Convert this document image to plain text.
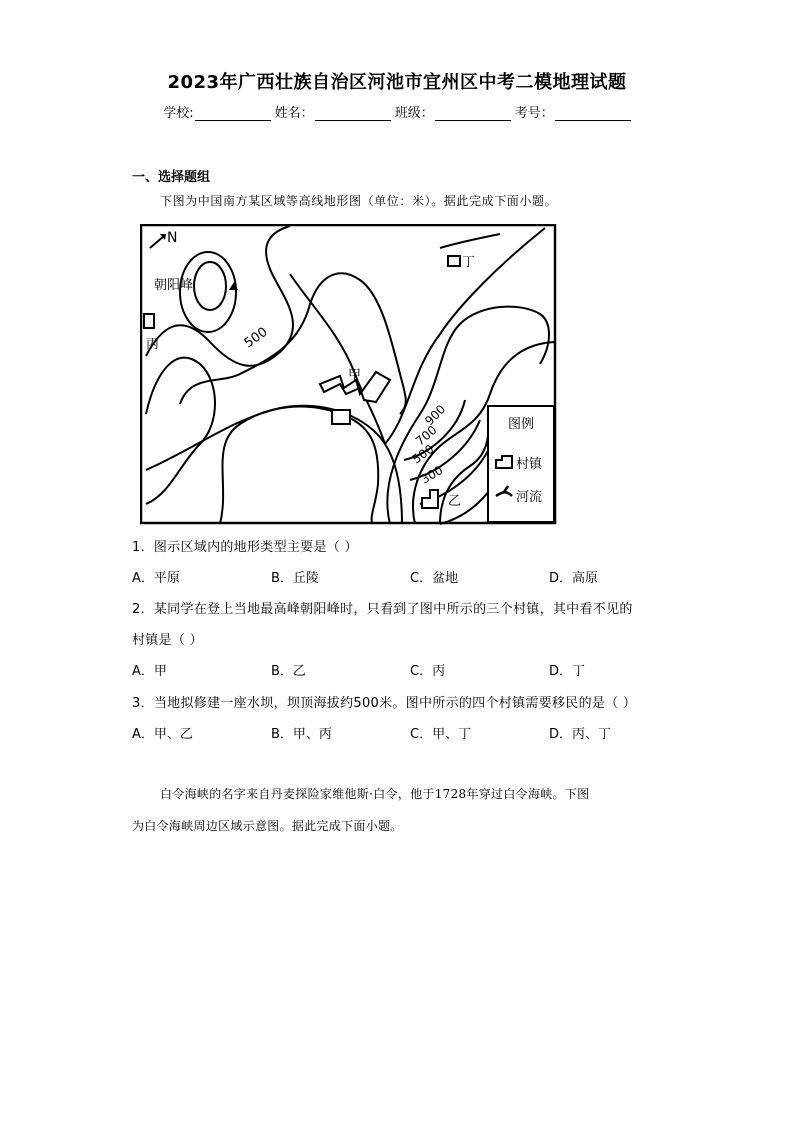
2023年广西壮族自治区河池市宜州区中考二模地理试题
学校:	姓名：	班级：	考号：
一、选择题组
下图为中国南方某区域等高线地形图（单位：米）。据此完成下面小题。
N
朝阳峰
丙
丁
甲
乙
500
900
700
500
300
图例
村镇
河流
1．图示区域内的地形类型主要是（ ）
A．平原	B．丘陵	C．盆地	D．高原
2．某同学在登上当地最高峰朝阳峰时，只看到了图中所示的三个村镇，其中看不见的
村镇是（ ）
A．甲	B．乙	C．丙	D．丁
3．当地拟修建一座水坝，坝顶海拔约500米。图中所示的四个村镇需要移民的是（ ）
A．甲、乙	B．甲、丙	C．甲、丁	D．丙、丁
白令海峡的名字来自丹麦探险家维他斯·白令，他于1728年穿过白令海峡。下图
为白令海峡周边区域示意图。据此完成下面小题。
